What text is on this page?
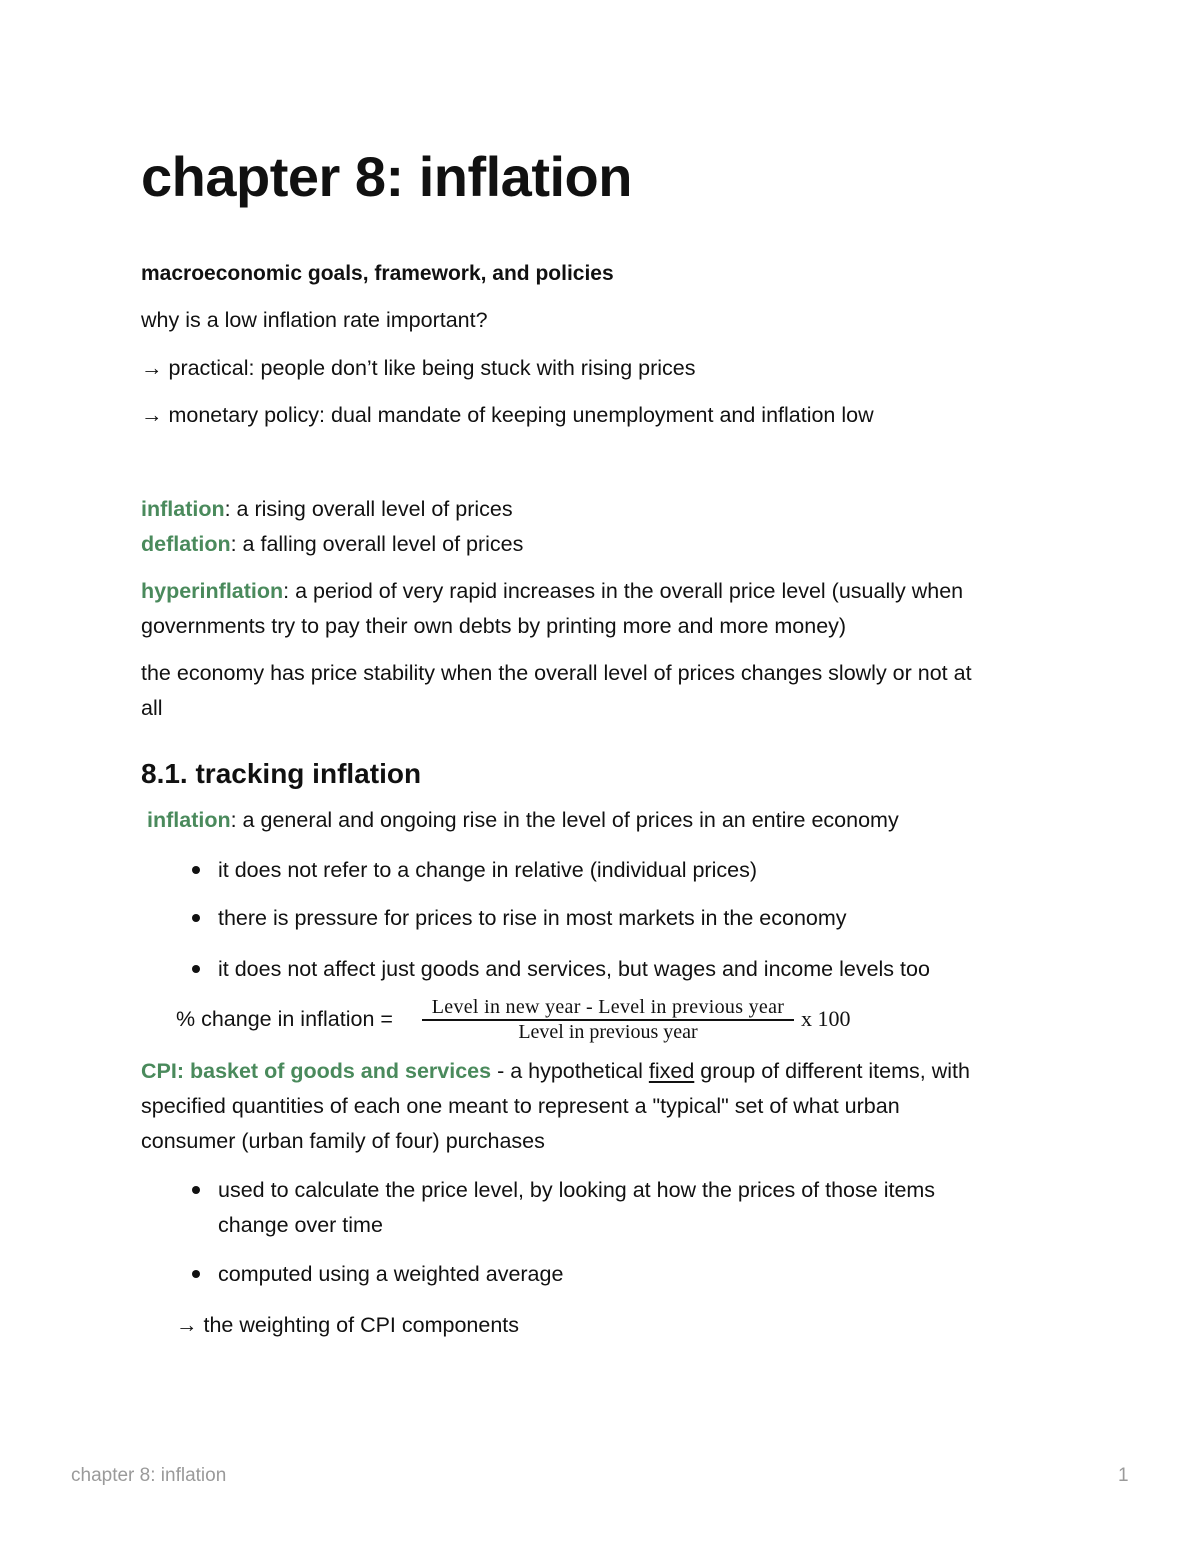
chapter 8: inflation
macroeconomic goals, framework, and policies
why is a low inflation rate important?
→ practical: people don’t like being stuck with rising prices
→ monetary policy: dual mandate of keeping unemployment and inflation low
inflation: a rising overall level of prices
deflation: a falling overall level of prices
hyperinflation: a period of very rapid increases in the overall price level (usually when
governments try to pay their own debts by printing more and more money)
the economy has price stability when the overall level of prices changes slowly or not at
all
8.1. tracking inflation
inflation: a general and ongoing rise in the level of prices in an entire economy
it does not refer to a change in relative (individual prices)
there is pressure for prices to rise in most markets in the economy
it does not affect just goods and services, but wages and income levels too
% change in inflation =	Level in new year - Level in previous year
Level in previous year
x 100
CPI: basket of goods and services - a hypothetical fixed group of different items, with
specified quantities of each one meant to represent a "typical" set of what urban
consumer (urban family of four) purchases
used to calculate the price level, by looking at how the prices of those items
change over time
computed using a weighted average
→ the weighting of CPI components
chapter 8: inflation	1
